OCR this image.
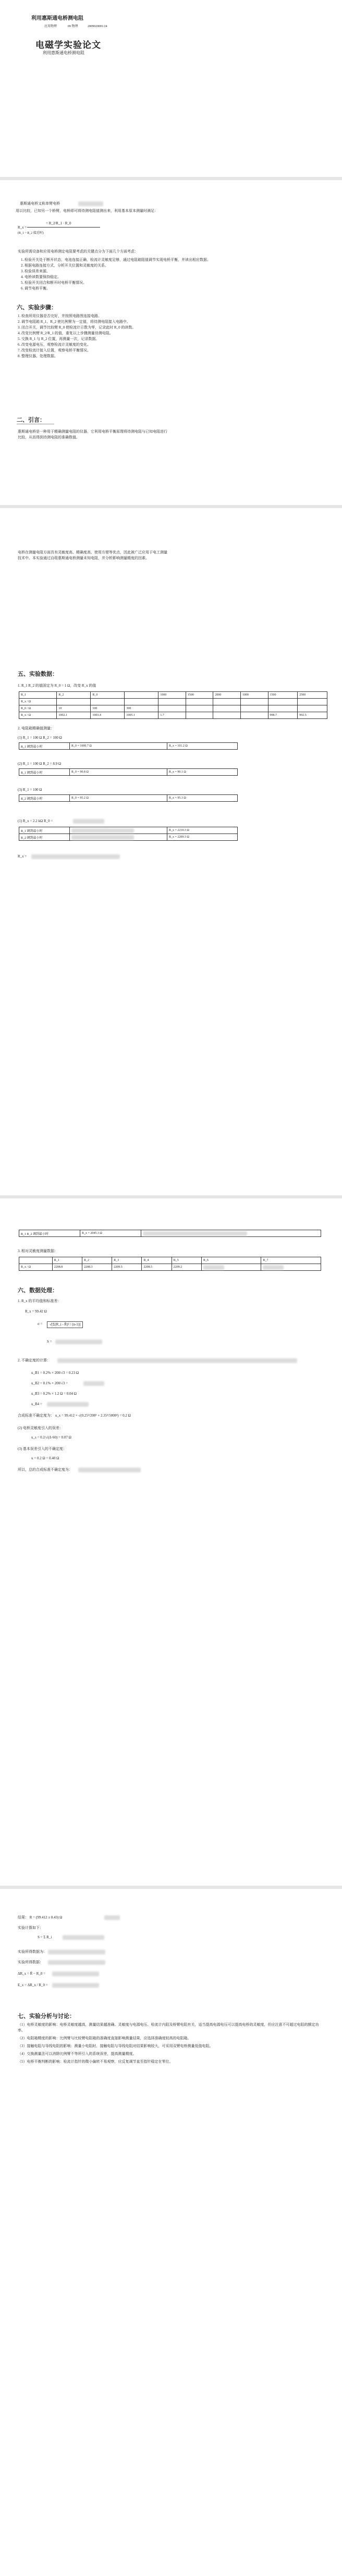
利用惠斯通电桥测电阻
应用物理	09 物理	2009020001/24
电磁学实验论文
利用惠斯通电桥测电阻
惠斯通电桥又称单臂电桥
用以比较，已知另一个桥臂，电桥即可将待测电阻值测出来，利用基本原本测量时满足：
R_x =
= R_2/R_1 · R_0
(R_1 ~ R_2 接近时)
实验所需设备和应用电桥测定电阻要考虑的关键点分为下面几个方面考虑：
1. 检验开关处于断开状态，电池连接正确，检流计灵敏度足够，通过电阻箱阻值调节实现电桥平衡，并读出相应数据。
2. 根据电路连接方式，分析开关位置和灵敏度的关系。
3. 检验误差来源。
4. 电桥读数要保持稳定。
5. 检验开关闭合和断开时电桥平衡情况。
6. 调节电桥平衡。
六、实验步骤：
1. 检查所用仪器是否完好，并按照电路图连接电路。
2. 调节电阻箱 R_1、R_2 使比例臂为一定值，将待测电阻接入电路中。
3. 闭合开关，调节比较臂 R_0 使检流计示数为零，记录此时 R_0 的读数。
4. 改变比例臂 R_2/R_1 的值，重复以上步骤测量待测电阻。
5. 交换 R_1 与 R_2 位置，再测量一次，记录数据。
6. 改变电源电压，观察检流计灵敏度的变化。
7. 改变检流计接入位置，观察电桥平衡情况。
8. 整理仪器，处理数据。
二、引言：
惠斯通电桥是一种用于精确测量电阻的仪器，它利用电桥平衡原理将待测电阻与已知电阻进行比较，从而得到待测电阻的准确数值。
电桥在测量电阻方面具有灵敏度高、精确度高、使用方便等优点，因此被广泛应用于电工测量技术中。本实验通过自组惠斯通电桥测量未知电阻，并分析影响测量精度的因素。
五、实验数据：
1. R_1 R_2 的值固定为 R_0 = 1 Ω，改变 R_x 的值
R_1	R_2	R_0		1000	1500	2000	1000	1500	2500
R_x / Ω									
R_0 / Ω	10	100	300						
R_x / Ω	1002.1	1003.4	1005.1	1.7				998.7	992.5
2. 电阻箱精确值测量：
(1) R_1 = 100 Ω R_2 = 100 Ω
R_1 调到最小时	R_0 = 1000.7 Ω	R_x = 101.2 Ω
(2) R_1 = 100 Ω R_2 = 8.9 Ω
R_1 调到最小时	R_0 = 90.8 Ω	R_x = 90.1 Ω
(3) R_1 = 100 Ω
R_2 调到最小时	R_0 = 95.2 Ω	R_x = 95.3 Ω
(1) R_x = 2.2 kΩ R_0 =
R_1 调到最小时		R_x = 2210.3 Ω
R_2 调到最小时		R_x = 2209.3 Ω
R_x =
R_1 R_2 调到最小时	R_x = 2045.3 Ω	
3. 相对灵敏度测量数据：
	R_1	R_2	R_3	R_4	R_5	R_6	R_7
R_x / Ω	2208.8	2208.3	2209.5	2208.5	2209.2		
六、数据处理：
1. R_x 的平均值和标准差：
R_x = 99.42 Ω
σ =	√[Σ(R_i - R̄)² / (n-1)]
S =
2. 不确定度的计算：
u_B1 = 0.2% × 200/√3 = 0.23 Ω
u_B2 = 0.1% × 200/√3 =
u_B3 = 0.2% × 1.2 Ω = 0.04 Ω
u_B4 =
合成标准不确定度为： u_x = 99.412 × √(0.25²/200² + 2.35²/5000²) = 0.2 Ω
(2) 电桥灵敏度引入的误差：
u_s = 0.2/√(Δ·60) = 0.07 Ω
(3) 基本误差引入的不确定度：
u = 0.2 Ω = 0.40 Ω
所以，总的合成标准不确定度为：
结果： R = (99.412 ± 0.43) Ω
实验计算如下：
S = Σ R_i
实验所得数据为：
实验所得数据：
ΔR_x = R̄ − R_0 =
E_x = ΔR_x / R_0 =
七、实验分析与讨论：

（1）电桥灵敏度的影响：电桥灵敏度越高，测量结果越准确。灵敏度与电源电压、检流计内阻及桥臂电阻有关，适当提高电源电压可以提高电桥的灵敏度，但应注意不可超过电阻的额定功率。

（2）电阻箱精度的影响：比例臂与比较臂电阻箱的准确度直接影响测量结果，应选择准确度较高的电阻箱。

（3）接触电阻与导线电阻的影响：测量小电阻时，接触电阻与导线电阻对结果影响较大，可采用双臂电桥测量低值电阻。

（4）交换测量法可以消除比例臂不等所引入的系统误差，提高测量精度。

（5）电桥平衡判断的影响：检流计指针的微小偏转不易观察，应反复调节直至指针稳定在零位。
